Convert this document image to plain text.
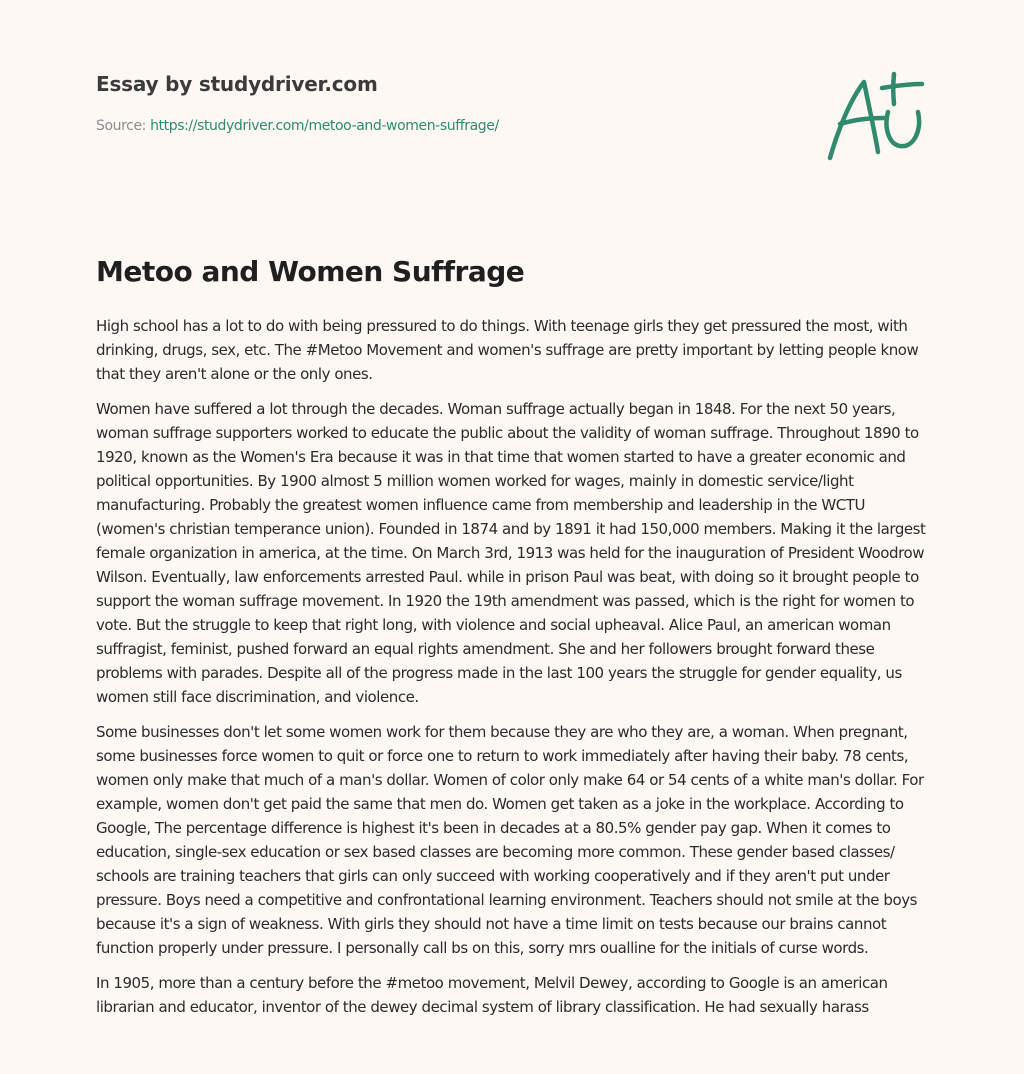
Essay by studydriver.com
Source: https://studydriver.com/metoo-and-women-suffrage/
Metoo and Women Suffrage

High school has a lot to do with being pressured to do things. With teenage girls they get pressured the most, with drinking, drugs, sex, etc. The #Metoo Movement and women's suffrage are pretty important by letting people know that they aren't alone or the only ones.

Women have suffered a lot through the decades. Woman suffrage actually began in 1848. For the next 50 years, woman suffrage supporters worked to educate the public about the validity of woman suffrage. Throughout 1890 to 1920, known as the Women's Era because it was in that time that women started to have a greater economic and political opportunities. By 1900 almost 5 million women worked for wages, mainly in domestic service/light manufacturing. Probably the greatest women influence came from membership and leadership in the WCTU (women's christian temperance union). Founded in 1874 and by 1891 it had 150,000 members. Making it the largest female organization in america, at the time. On March 3rd, 1913 was held for the inauguration of President Woodrow Wilson. Eventually, law enforcements arrested Paul. while in prison Paul was beat, with doing so it brought people to support the woman suffrage movement. In 1920 the 19th amendment was passed, which is the right for women to vote. But the struggle to keep that right long, with violence and social upheaval. Alice Paul, an american woman suffragist, feminist, pushed forward an equal rights amendment. She and her followers brought forward these problems with parades. Despite all of the progress made in the last 100 years the struggle for gender equality, us women still face discrimination, and violence.

Some businesses don't let some women work for them because they are who they are, a woman. When pregnant, some businesses force women to quit or force one to return to work immediately after having their baby. 78 cents, women only make that much of a man's dollar. Women of color only make 64 or 54 cents of a white man's dollar. For example, women don't get paid the same that men do. Women get taken as a joke in the workplace. According to Google, The percentage difference is highest it's been in decades at a 80.5% gender pay gap. When it comes to education, single-sex education or sex based classes are becoming more common. These gender based classes/ schools are training teachers that girls can only succeed with working cooperatively and if they aren't put under pressure. Boys need a competitive and confrontational learning environment. Teachers should not smile at the boys because it's a sign of weakness. With girls they should not have a time limit on tests because our brains cannot function properly under pressure. I personally call bs on this, sorry mrs oualline for the initials of curse words.

In 1905, more than a century before the #metoo movement, Melvil Dewey, according to Google is an american librarian and educator, inventor of the dewey decimal system of library classification. He had sexually harass
